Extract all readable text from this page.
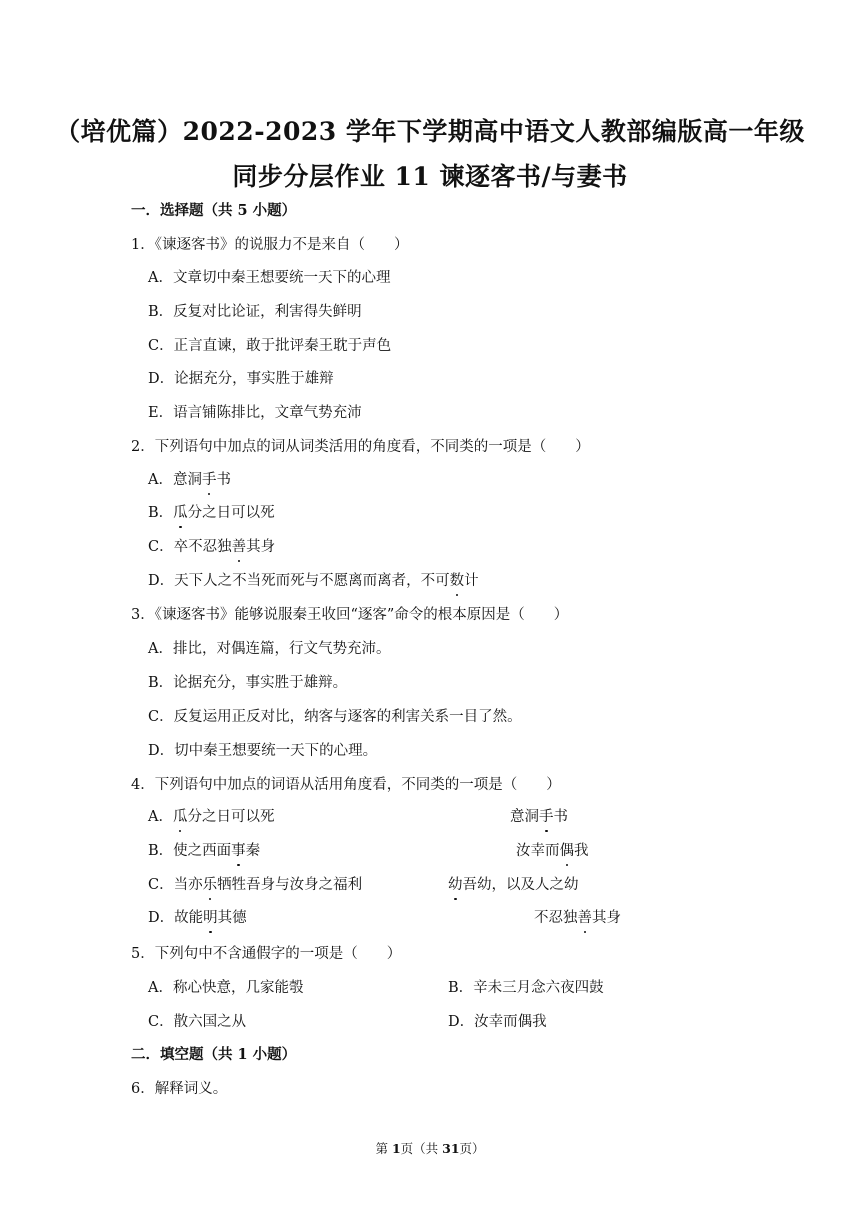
（培优篇）2022-2023 学年下学期高中语文人教部编版高一年级
同步分层作业 11 谏逐客书/与妻书
一．选择题（共 5 小题）
1．《谏逐客书》的说服力不是来自（　　）
A．文章切中秦王想要统一天下的心理
B．反复对比论证，利害得失鲜明
C．正言直谏，敢于批评秦王耽于声色
D．论据充分，事实胜于雄辩
E．语言铺陈排比，文章气势充沛
2．下列语句中加点的词从词类活用的角度看，不同类的一项是（　　）
A．意洞手书
B．瓜分之日可以死
C．卒不忍独善其身
D．天下人之不当死而死与不愿离而离者，不可数计
3．《谏逐客书》能够说服秦王收回“逐客”命令的根本原因是（　　）
A．排比，对偶连篇，行文气势充沛。
B．论据充分，事实胜于雄辩。
C．反复运用正反对比，纳客与逐客的利害关系一目了然。
D．切中秦王想要统一天下的心理。
4．下列语句中加点的词语从活用角度看，不同类的一项是（　　）
A．瓜分之日可以死	意洞手书
B．使之西面事秦	汝幸而偶我
C．当亦乐牺牲吾身与汝身之福利	幼吾幼，以及人之幼
D．故能明其德	不忍独善其身
5．下列句中不含通假字的一项是（　　）
A．称心快意，几家能彀	B．辛未三月念六夜四鼓
C．散六国之从	D．汝幸而偶我
二．填空题（共 1 小题）
6．解释词义。
第 1页（共 31页）
